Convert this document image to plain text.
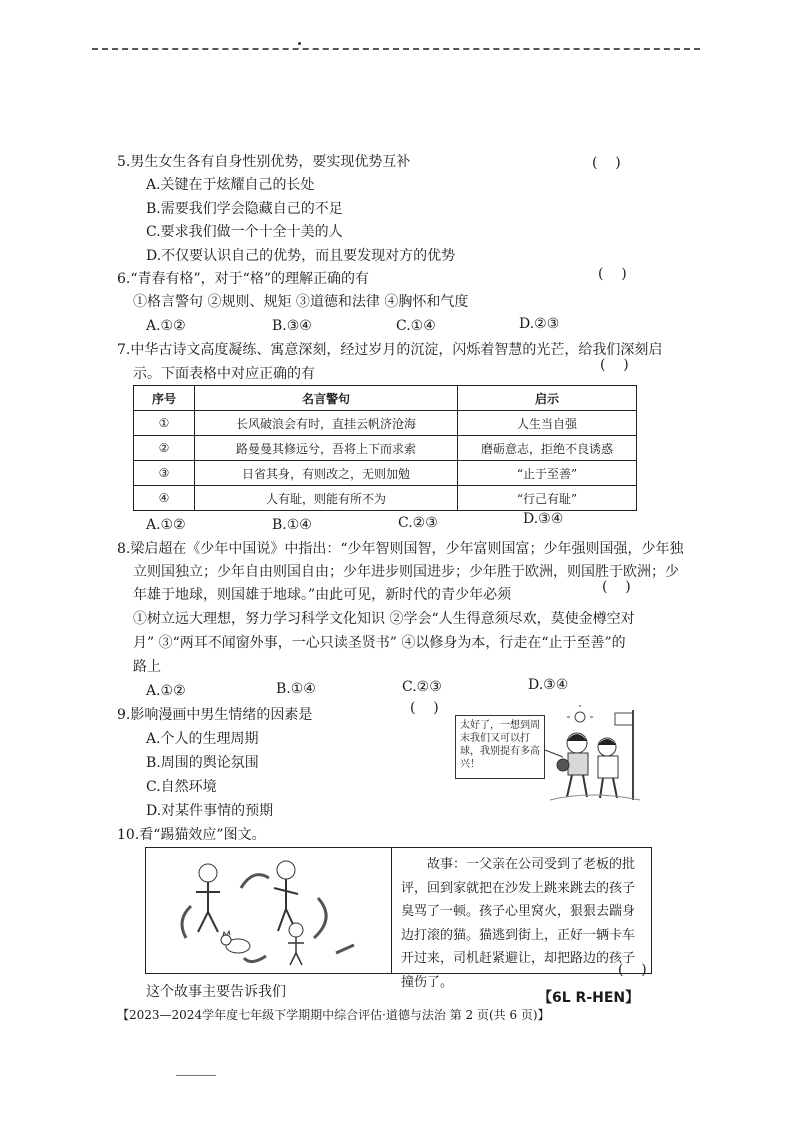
5.男生女生各有自身性别优势，要实现优势互补	(    )
A.关键在于炫耀自己的长处
B.需要我们学会隐藏自己的不足
C.要求我们做一个十全十美的人
D.不仅要认识自己的优势，而且要发现对方的优势
6.“青春有格”，对于“格”的理解正确的有	(    )
①格言警句 ②规则、规矩 ③道德和法律 ④胸怀和气度
A.①②	B.③④	C.①④	D.②③
7.中华古诗文高度凝练、寓意深刻，经过岁月的沉淀，闪烁着智慧的光芒，给我们深刻启
(    )
示。下面表格中对应正确的有
序号	名言警句	启示
①	长风破浪会有时，直挂云帆济沧海	人生当自强
②	路曼曼其修远兮，吾将上下而求索	磨砺意志，拒绝不良诱惑
③	日省其身，有则改之，无则加勉	“止于至善”
④	人有耻，则能有所不为	“行己有耻”
A.①②	B.①④	C.②③	D.③④
8.梁启超在《少年中国说》中指出：“少年智则国智，少年富则国富；少年强则国强，少年独
立则国独立；少年自由则国自由；少年进步则国进步；少年胜于欧洲，则国胜于欧洲；少
年雄于地球，则国雄于地球。”由此可见，新时代的青少年必须	(    )
①树立远大理想，努力学习科学文化知识 ②学会“人生得意须尽欢，莫使金樽空对
月” ③“两耳不闻窗外事，一心只读圣贤书” ④以修身为本，行走在“止于至善”的
路上
A.①②	B.①④	C.②③	D.③④
9.影响漫画中男生情绪的因素是	(    )
A.个人的生理周期
B.周围的舆论氛围
C.自然环境
D.对某件事情的预期
太好了，一想到周末我们又可以打球，我别提有多高兴！
10.看“踢猫效应”图文。
故事：一父亲在公司受到了老板的批评，回到家就把在沙发上跳来跳去的孩子臭骂了一顿。孩子心里窝火，狠狠去踹身边打滚的猫。猫逃到街上，正好一辆卡车开过来，司机赶紧避让，却把路边的孩子撞伤了。
(    )
这个故事主要告诉我们	【6L R-HEN】
【2023—2024学年度七年级下学期期中综合评估·道德与法治 第 2 页(共 6 页)】
